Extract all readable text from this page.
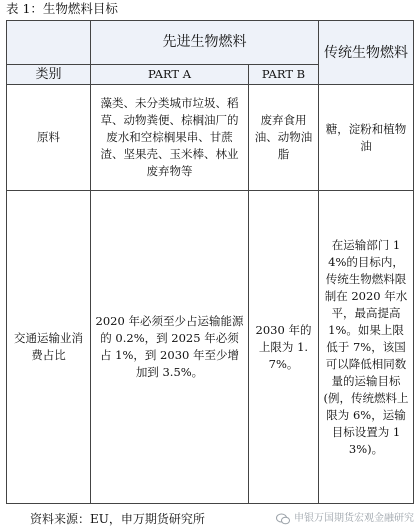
表 1：生物燃料目标
	先进生物燃料		传统生物燃料
类别	PART A	PART B	
原料	藻类、未分类城市垃圾、稻草、动物粪便、棕榈油厂的废水和空棕榈果串、甘蔗渣、坚果壳、玉米棒、林业废弃物等	废弃食用油、动物油脂	糖，淀粉和植物油
交通运输业消费占比	2020 年必须至少占运输能源的 0.2%，到 2025 年必须占 1%，到 2030 年至少增加到 3.5%。	2030 年的上限为 1.7%。	在运输部门 14%的目标内，传统生物燃料限制在 2020 年水平，最高提高 1%。如果上限低于 7%，该国可以降低相同数量的运输目标(例，传统燃料上限为 6%，运输目标设置为 13%)。
资料来源：EU，申万期货研究所	申银万国期货宏观金融研究
